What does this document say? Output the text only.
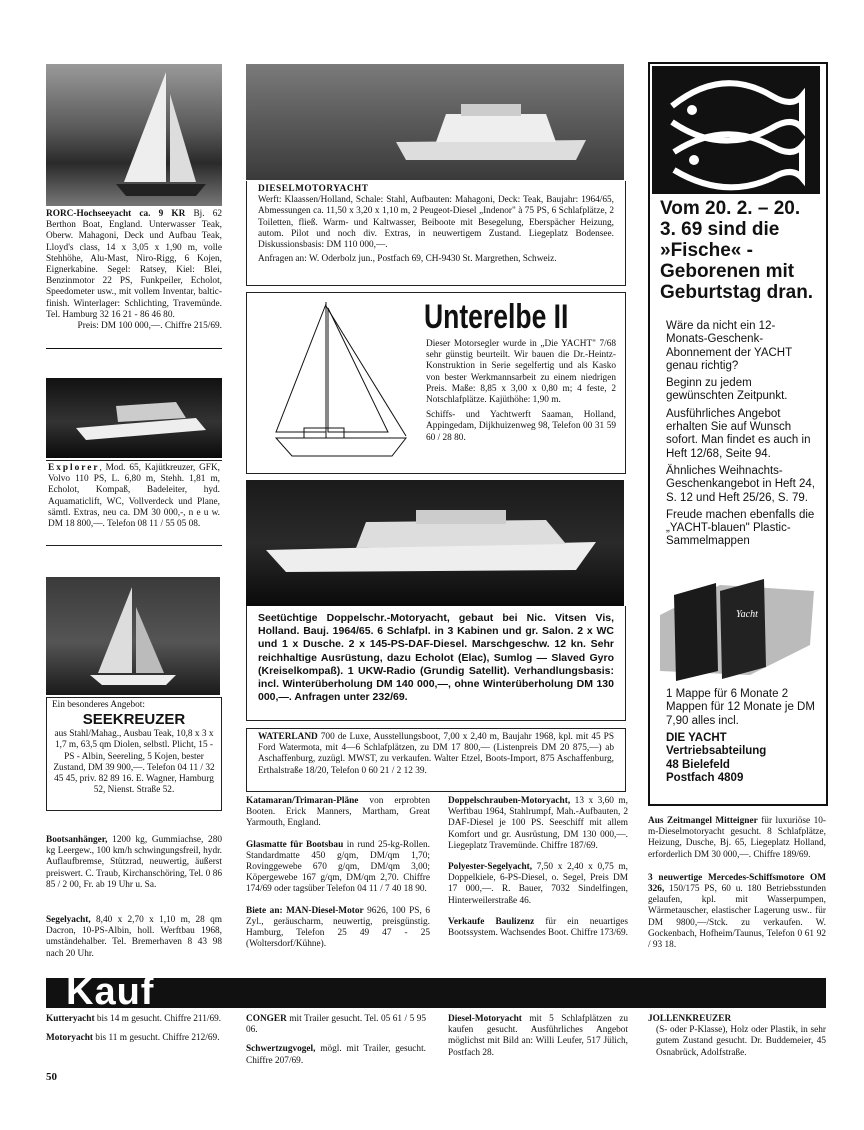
RORC-Hochseeyacht ca. 9 KR Bj. 62 Berthon Boat, England. Unterwasser Teak, Oberw. Mahagoni, Deck und Aufbau Teak, Lloyd's class, 14 x 3,05 x 1,90 m, volle Stehhöhe, Alu-Mast, Niro-Rigg, 6 Kojen, Eignerkabine. Segel: Ratsey, Kiel: Blei, Benzinmotor 22 PS, Funkpeiler, Echolot, Speedometer usw., mit vollem Inventar, baltic-finish. Winterlager: Schlichting, Travemünde. Tel. Hamburg 32 16 21 - 86 46 80.
Preis: DM 100 000,—. Chiffre 215/69.
Explorer, Mod. 65, Kajütkreuzer, GFK, Volvo 110 PS, L. 6,80 m, Stehh. 1,81 m, Echolot, Kompaß, Badeleiter, hyd. Aquamaticlift, WC, Vollverdeck und Plane, sämtl. Extras, neu ca. DM 30 000,-, n e u w. DM 18 800,—. Telefon 08 11 / 55 05 08.
Ein besonderes Angebot:
SEEKREUZER
aus Stahl/Mahag., Ausbau Teak, 10,8 x 3 x 1,7 m, 63,5 qm Diolen, selbstl. Plicht, 15 - PS - Albin, Seereling, 5 Kojen, bester Zustand, DM 39 900,—. Telefon 04 11 / 32 45 45, priv. 82 89 16. E. Wagner, Hamburg 52, Nienst. Straße 52.
Bootsanhänger, 1200 kg, Gummiachse, 280 kg Leergew., 100 km/h schwingungsfreil, hydr. Auflaufbremse, Stützrad, neuwertig, äußerst preiswert. C. Traub, Kirchanschöring, Tel. 0 86 85 / 2 00, Fr. ab 19 Uhr u. Sa.
Segelyacht, 8,40 x 2,70 x 1,10 m, 28 qm Dacron, 10-PS-Albin, holl. Werftbau 1968, umständehalber. Tel. Bremerhaven 8 43 98 nach 20 Uhr.
DIESELMOTORYACHT
Werft: Klaassen/Holland, Schale: Stahl, Aufbauten: Mahagoni, Deck: Teak, Baujahr: 1964/65, Abmessungen ca. 11,50 x 3,20 x 1,10 m, 2 Peugeot-Diesel „Indenor" à 75 PS, 6 Schlafplätze, 2 Toiletten, fließ. Warm- und Kaltwasser, Beiboote mit Besegelung, Eberspächer Heizung, autom. Pilot und noch div. Extras, in neuwertigem Zustand. Liegeplatz Bodensee. Diskussionsbasis: DM 110 000,—.
Anfragen an: W. Oderbolz jun., Postfach 69, CH-9430 St. Margrethen, Schweiz.
Unterelbe II
Dieser Motorsegler wurde in „Die YACHT" 7/68 sehr günstig beurteilt. Wir bauen die Dr.-Heintz-Konstruktion in Serie segelfertig und als Kasko von bester Werkmannsarbeit zu einem niedrigen Preis. Maße: 8,85 x 3,00 x 0,80 m; 4 feste, 2 Notschlafplätze. Kajüthöhe: 1,90 m.
Schiffs- und Yachtwerft Saaman, Holland, Appingedam, Dijkhuizenweg 98, Telefon 00 31 59 60 / 28 80.
Seetüchtige Doppelschr.-Motoryacht, gebaut bei Nic. Vitsen Vis, Holland. Bauj. 1964/65. 6 Schlafpl. in 3 Kabinen und gr. Salon. 2 x WC und 1 x Dusche. 2 x 145-PS-DAF-Diesel. Marschgeschw. 12 kn. Sehr reichhaltige Ausrüstung, dazu Echolot (Elac), Sumlog — Slaved Gyro (Kreiselkompaß). 1 UKW-Radio (Grundig Satellit). Verhandlungsbasis: incl. Winterüberholung DM 140 000,—, ohne Winterüberholung DM 130 000,—. Anfragen unter 232/69.
WATERLAND 700 de Luxe, Ausstellungsboot, 7,00 x 2,40 m, Baujahr 1968, kpl. mit 45 PS Ford Watermota, mit 4—6 Schlafplätzen, zu DM 17 800,— (Listenpreis DM 20 875,—) ab Aschaffenburg, zuzügl. MWST, zu verkaufen. Walter Etzel, Boots-Import, 875 Aschaffenburg, Erthalstraße 18/20, Telefon 0 60 21 / 2 12 39.
Katamaran/Trimaran-Pläne von erprobten Booten. Erick Manners, Martham, Great Yarmouth, England.
Glasmatte für Bootsbau in rund 25-kg-Rollen. Standardmatte 450 g/qm, DM/qm 1,70; Rovinggewebe 670 g/qm, DM/qm 3,00; Köpergewebe 167 g/qm, DM/qm 2,70. Chiffre 174/69 oder tagsüber Telefon 04 11 / 7 40 18 90.
Biete an: MAN-Diesel-Motor 9626, 100 PS, 6 Zyl., geräuscharm, neuwertig, preisgünstig. Hamburg, Telefon 25 49 47 - 25 (Woltersdorf/Kühne).
Doppelschrauben-Motoryacht, 13 x 3,60 m, Werftbau 1964, Stahlrumpf, Mah.-Aufbauten, 2 DAF-Diesel je 100 PS. Seeschiff mit allem Komfort und gr. Ausrüstung, DM 130 000,—. Liegeplatz Travemünde. Chiffre 187/69.
Polyester-Segelyacht, 7,50 x 2,40 x 0,75 m, Doppelkiele, 6-PS-Diesel, o. Segel, Preis DM 17 000,—. R. Bauer, 7032 Sindelfingen, Hinterweilerstraße 46.
Verkaufe Baulizenz für ein neuartiges Bootssystem. Wachsendes Boot. Chiffre 173/69.
Vom 20. 2. – 20. 3. 69 sind die »Fische« -Geborenen mit Geburtstag dran.
Wäre da nicht ein 12-Monats-Geschenk-Abonnement der YACHT genau richtig?
Beginn zu jedem gewünschten Zeitpunkt.
Ausführliches Angebot erhalten Sie auf Wunsch sofort. Man findet es auch in Heft 12/68, Seite 94.
Ähnliches Weihnachts-Geschenkangebot in Heft 24, S. 12 und Heft 25/26, S. 79.
Freude machen ebenfalls die „YACHT-blauen" Plastic-Sammelmappen
Yacht
1 Mappe für 6 Monate 2 Mappen für 12 Monate je DM 7,90 alles incl.
DIE YACHT
Vertriebsabteilung
48 Bielefeld
Postfach 4809
Aus Zeitmangel Mitteigner für luxuriöse 10-m-Dieselmotoryacht gesucht. 8 Schlafplätze, Heizung, Dusche, Bj. 65, Liegeplatz Holland, erforderlich DM 30 000,—. Chiffre 189/69.
3 neuwertige Mercedes-Schiffsmotore OM 326, 150/175 PS, 60 u. 180 Betriebsstunden gelaufen, kpl. mit Wasserpumpen, Wärmetauscher, elastischer Lagerung usw.. für DM 9800,—/Stck. zu verkaufen. W. Gockenbach, Hofheim/Taunus, Telefon 0 61 92 / 93 18.
Kauf
Kutteryacht bis 14 m gesucht. Chiffre 211/69.
Motoryacht bis 11 m gesucht. Chiffre 212/69.
CONGER mit Trailer gesucht. Tel. 05 61 / 5 95 06.
Schwertzugvogel, mögl. mit Trailer, gesucht. Chiffre 207/69.
Diesel-Motoryacht mit 5 Schlafplätzen zu kaufen gesucht. Ausführliches Angebot möglichst mit Bild an: Willi Leufer, 517 Jülich, Postfach 28.
JOLLENKREUZER
(S- oder P-Klasse), Holz oder Plastik, in sehr gutem Zustand gesucht. Dr. Buddemeier, 45 Osnabrück, Adolfstraße.
50
